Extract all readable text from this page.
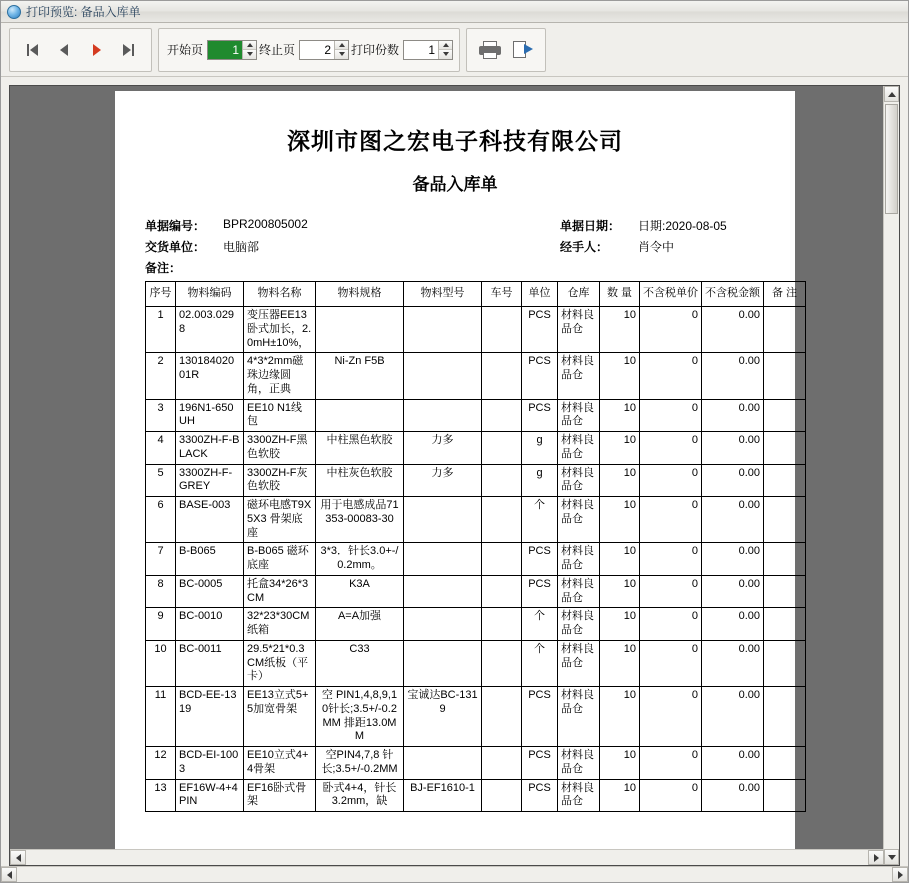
打印预览: 备品入库单
开始页
1	终止页
2	打印份数
1
深圳市图之宏电子科技有限公司
备品入库单
单据编号：	BPR200805002
交货单位：	电脑部
备注：
单据日期：	日期:2020-08-05
经手人：	肖令中
序号	物料编码	物料名称	物料规格	物料型号	车号	单位	仓库	数 量	不含税单价	不含税金额	备 注
1	02.003.0298	变压器EE13卧式加长，2.0mH±10%，				PCS	材料良品仓	10	0	0.00	
2	13018402001R	4*3*2mm磁珠边缘圆角，正典	Ni-Zn F5B			PCS	材料良品仓	10	0	0.00	
3	196N1-650UH	EE10 N1线包				PCS	材料良品仓	10	0	0.00	
4	3300ZH-F-BLACK	3300ZH-F黑色软胶	中柱黑色软胶	力多		g	材料良品仓	10	0	0.00	
5	3300ZH-F-GREY	3300ZH-F灰色软胶	中柱灰色软胶	力多		g	材料良品仓	10	0	0.00	
6	BASE-003	磁环电感T9X5X3 骨架底座	用于电感成品71353-00083-30			个	材料良品仓	10	0	0.00	
7	B-B065	B-B065 磁环底座	3*3．针长3.0+-/0.2mm。			PCS	材料良品仓	10	0	0.00	
8	BC-0005	托盒34*26*3CM	K3A			PCS	材料良品仓	10	0	0.00	
9	BC-0010	32*23*30CM纸箱	A=A加强			个	材料良品仓	10	0	0.00	
10	BC-0011	29.5*21*0.3CM纸板（平卡）	C33			个	材料良品仓	10	0	0.00	
11	BCD-EE-1319	EE13立式5+5加宽骨架	空 PIN1,4,8,9,10针长;3.5+/-0.2MM 排距13.0MM	宝诚达BC-1319		PCS	材料良品仓	10	0	0.00	
12	BCD-EI-1003	EE10立式4+4骨架	空PIN4,7,8 针长;3.5+/-0.2MM			PCS	材料良品仓	10	0	0.00	
13	EF16W-4+4PIN	EF16卧式骨架	卧式4+4，针长3.2mm，缺	BJ-EF1610-1		PCS	材料良品仓	10	0	0.00	
